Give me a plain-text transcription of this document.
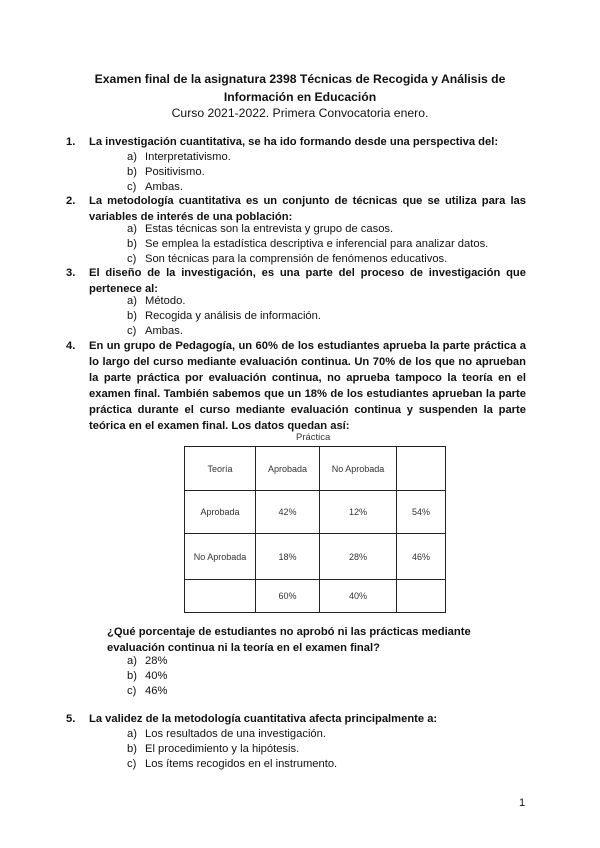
Examen final de la asignatura 2398 Técnicas de Recogida y Análisis de
Información en Educación
Curso 2021-2022. Primera Convocatoria enero.
1. La investigación cuantitativa, se ha ido formando desde una perspectiva del:
a) Interpretativismo.
b) Positivismo.
c) Ambas.
2. La metodología cuantitativa es un conjunto de técnicas que se utiliza para las variables de interés de una población:
a) Estas técnicas son la entrevista y grupo de casos.
b) Se emplea la estadística descriptiva e inferencial para analizar datos.
c) Son técnicas para la comprensión de fenómenos educativos.
3. El diseño de la investigación, es una parte del proceso de investigación que pertenece al:
a) Método.
b) Recogida y análisis de información.
c) Ambas.
4. En un grupo de Pedagogía, un 60% de los estudiantes aprueba la parte práctica a lo largo del curso mediante evaluación continua. Un 70% de los que no aprueban la parte práctica por evaluación continua, no aprueba tampoco la teoría en el examen final. También sabemos que un 18% de los estudiantes aprueban la parte práctica durante el curso mediante evaluación continua y suspenden la parte teórica en el examen final. Los datos quedan así:
Práctica
Teoría	Aprobada	No Aprobada	
Aprobada	42%	12%	54%
No Aprobada	18%	28%	46%
	60%	40%	
¿Qué porcentaje de estudiantes no aprobó ni las prácticas mediante evaluación continua ni la teoría en el examen final?
a) 28%
b) 40%
c) 46%
5. La validez de la metodología cuantitativa afecta principalmente a:
a) Los resultados de una investigación.
b) El procedimiento y la hipótesis.
c) Los ítems recogidos en el instrumento.
1
